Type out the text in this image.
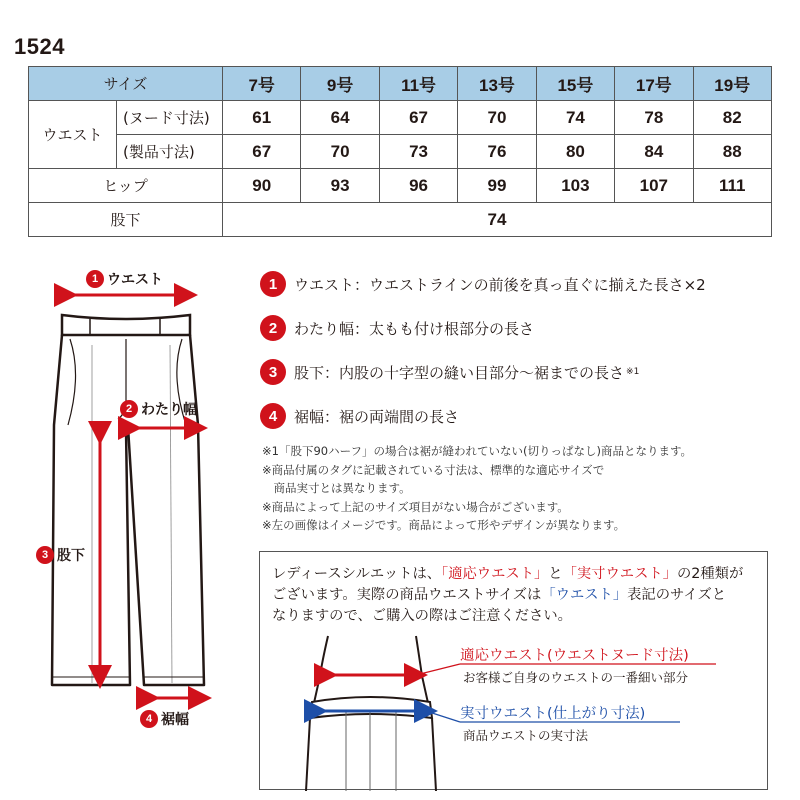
1524
サイズ		7号	9号	11号	13号	15号	17号	19号
ウエスト	(ヌード寸法)	61	64	67	70	74	78	82
	(製品寸法)	67	70	73	76	80	84	88
ヒップ		90	93	96	99	103	107	111
股下		74						
1 ウエスト
2 わたり幅
3 股下
4 裾幅
1	ウエスト ：ウエストラインの前後を真っ直ぐに揃えた長さ×2
2	わたり幅 ：太もも付け根部分の長さ
3	股下 ：内股の十字型の縫い目部分～裾までの長さ ※1
4	裾幅 ：裾の両端間の長さ
※1「股下90ハーフ」の場合は裾が縫われていない(切りっぱなし)商品となります。
※商品付属のタグに記載されている寸法は、標準的な適応サイズで
　商品実寸とは異なります。
※商品によって上記のサイズ項目がない場合がございます。
※左の画像はイメージです。商品によって形やデザインが異なります。
レディースシルエットは、「適応ウエスト」と「実寸ウエスト」の2種類が
ございます。実際の商品ウエストサイズは「ウエスト」表記のサイズと
なりますので、ご購入の際はご注意ください。
適応ウエスト(ウエストヌード寸法)
お客様ご自身のウエストの一番細い部分
実寸ウエスト(仕上がり寸法)
商品ウエストの実寸法
